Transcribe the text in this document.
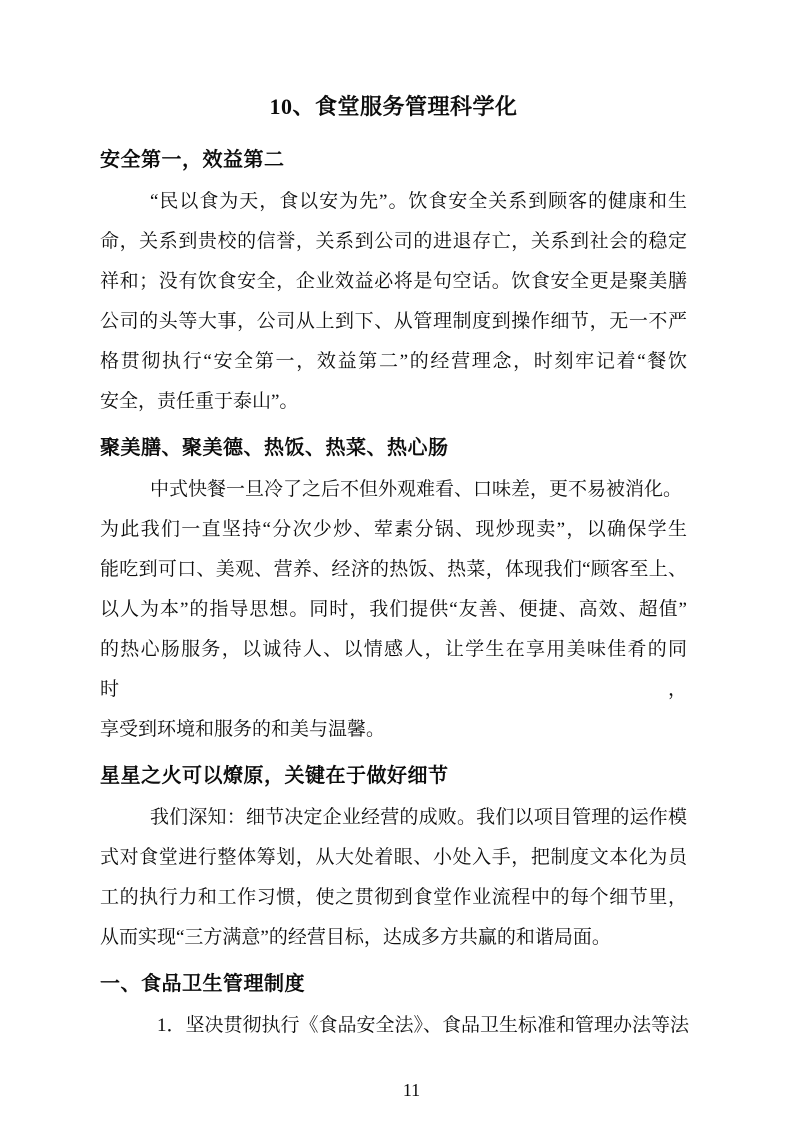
10、食堂服务管理科学化
安全第一，效益第二

“民以食为天，食以安为先”。饮食安全关系到顾客的健康和生

命，关系到贵校的信誉，关系到公司的进退存亡，关系到社会的稳定

祥和；没有饮食安全，企业效益必将是句空话。饮食安全更是聚美膳

公司的头等大事，公司从上到下、从管理制度到操作细节，无一不严

格贯彻执行“安全第一，效益第二”的经营理念，时刻牢记着“餐饮

安全，责任重于泰山”。

聚美膳、聚美德、热饭、热菜、热心肠

中式快餐一旦冷了之后不但外观难看、口味差，更不易被消化。

为此我们一直坚持“分次少炒、荤素分锅、现炒现卖”，以确保学生

能吃到可口、美观、营养、经济的热饭、热菜，体现我们“顾客至上、

以人为本”的指导思想。同时，我们提供“友善、便捷、高效、超值”

的热心肠服务，以诚待人、以情感人，让学生在享用美味佳肴的同时，

享受到环境和服务的和美与温馨。

星星之火可以燎原，关键在于做好细节

我们深知：细节决定企业经营的成败。我们以项目管理的运作模

式对食堂进行整体筹划，从大处着眼、小处入手，把制度文本化为员

工的执行力和工作习惯，使之贯彻到食堂作业流程中的每个细节里，

从而实现“三方满意”的经营目标，达成多方共赢的和谐局面。

一、食品卫生管理制度

1．坚决贯彻执行《食品安全法》、食品卫生标准和管理办法等法

11
